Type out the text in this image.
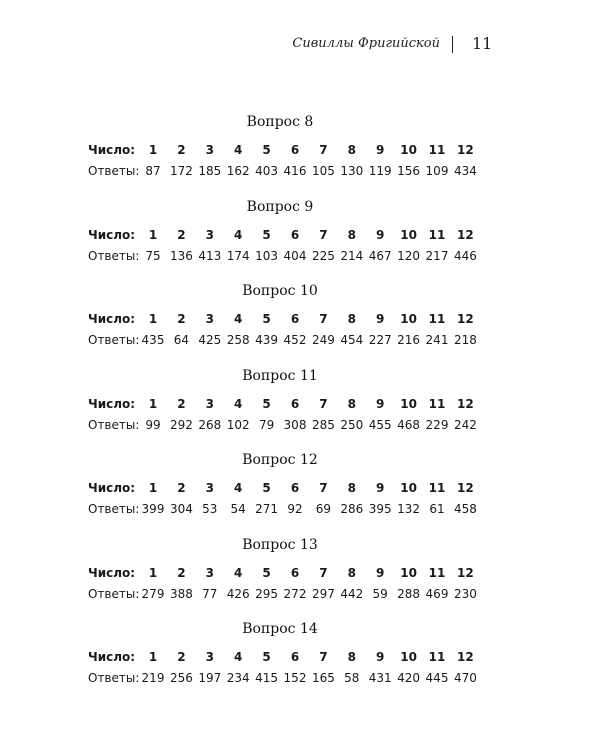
Сивиллы Фригийской 11
Вопрос 8
Число:	1	2	3	4	5	6	7	8	9	10 11 12
Ответы: 87 172 185 162 403 416 105 130 119 156 109 434
Вопрос 9
Число:	1	2	3	4	5	6	7	8	9	10 11 12
Ответы: 75 136 413 174 103 404 225 214 467 120 217 446
Вопрос 10
Число:	1	2	3	4	5	6	7	8	9	10 11 12
Ответы: 435 64 425 258 439 452 249 454 227 216 241 218
Вопрос 11
Число:	1	2	3	4	5	6	7	8	9	10 11 12
Ответы: 99 292 268 102 79 308 285 250 455 468 229 242
Вопрос 12
Число:	1	2	3	4	5	6	7	8	9	10 11 12
Ответы: 399 304 53	54 271 92	69 286 395 132 61 458
Вопрос 13
Число:	1	2	3	4	5	6	7	8	9	10 11 12
Ответы: 279 388 77 426 295 272 297 442 59 288 469 230
Вопрос 14
Число:	1	2	3	4	5	6	7	8	9	10 11 12
Ответы: 219 256 197 234 415 152 165 58 431 420 445 470
